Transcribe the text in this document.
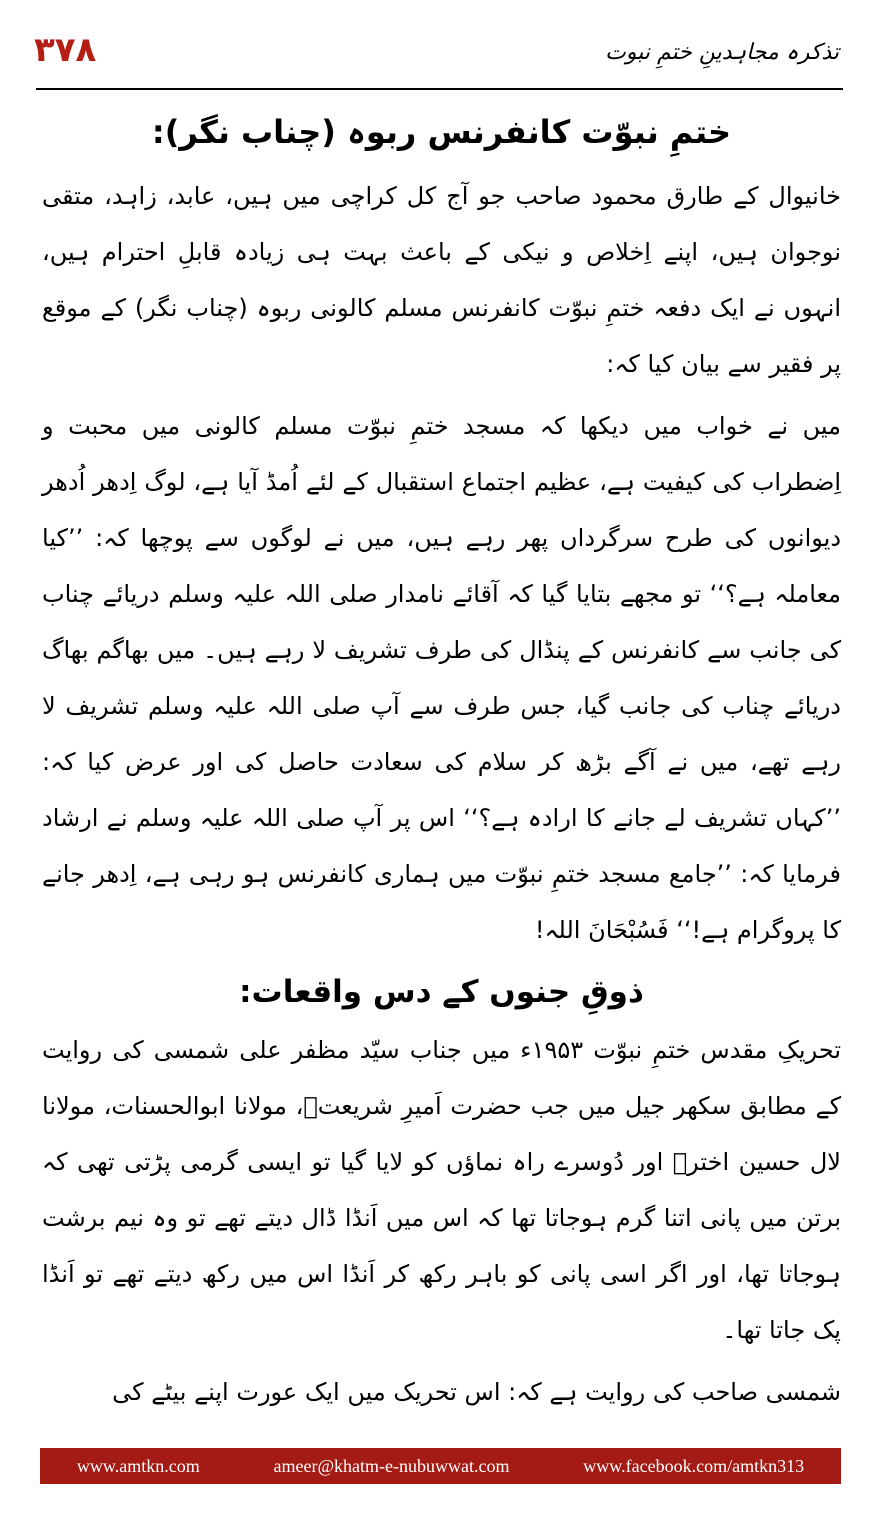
۳۷۸	تذکرہ مجاہدینِ ختمِ نبوت
ختمِ نبوّت کانفرنس ربوہ (چناب نگر):

خانیوال کے طارق محمود صاحب جو آج کل کراچی میں ہیں، عابد، زاہد، متقی نوجوان ہیں، اپنے اِخلاص و نیکی کے باعث بہت ہی زیادہ قابلِ احترام ہیں، انہوں نے ایک دفعہ ختمِ نبوّت کانفرنس مسلم کالونی ربوہ (چناب نگر) کے موقع پر فقیر سے بیان کیا کہ:

میں نے خواب میں دیکھا کہ مسجد ختمِ نبوّت مسلم کالونی میں محبت و اِضطراب کی کیفیت ہے، عظیم اجتماع استقبال کے لئے اُمڈ آیا ہے، لوگ اِدھر اُدھر دیوانوں کی طرح سرگرداں پھر رہے ہیں، میں نے لوگوں سے پوچھا کہ: ’’کیا معاملہ ہے؟‘‘ تو مجھے بتایا گیا کہ آقائے نامدار صلی اللہ علیہ وسلم دریائے چناب کی جانب سے کانفرنس کے پنڈال کی طرف تشریف لا رہے ہیں۔ میں بھاگم بھاگ دریائے چناب کی جانب گیا، جس طرف سے آپ صلی اللہ علیہ وسلم تشریف لا رہے تھے، میں نے آگے بڑھ کر سلام کی سعادت حاصل کی اور عرض کیا کہ: ’’کہاں تشریف لے جانے کا ارادہ ہے؟‘‘ اس پر آپ صلی اللہ علیہ وسلم نے ارشاد فرمایا کہ: ’’جامع مسجد ختمِ نبوّت میں ہماری کانفرنس ہو رہی ہے، اِدھر جانے کا پروگرام ہے!‘‘ فَسُبْحَانَ اللہ!

ذوقِ جنوں کے دس واقعات:

تحریکِ مقدس ختمِ نبوّت ۱۹۵۳ء میں جناب سیّد مظفر علی شمسی کی روایت کے مطابق سکھر جیل میں جب حضرت اَمیرِ شریعتؒ، مولانا ابوالحسنات، مولانا لال حسین اخترؒ اور دُوسرے راہ نماؤں کو لایا گیا تو ایسی گرمی پڑتی تھی کہ برتن میں پانی اتنا گرم ہوجاتا تھا کہ اس میں اَنڈا ڈال دیتے تھے تو وہ نیم برشت ہوجاتا تھا، اور اگر اسی پانی کو باہر رکھ کر اَنڈا اس میں رکھ دیتے تھے تو اَنڈا پک جاتا تھا۔

شمسی صاحب کی روایت ہے کہ: اس تحریک میں ایک عورت اپنے بیٹے کی

www.amtkn.com	ameer@khatm-e-nubuwwat.com	www.facebook.com/amtkn313
